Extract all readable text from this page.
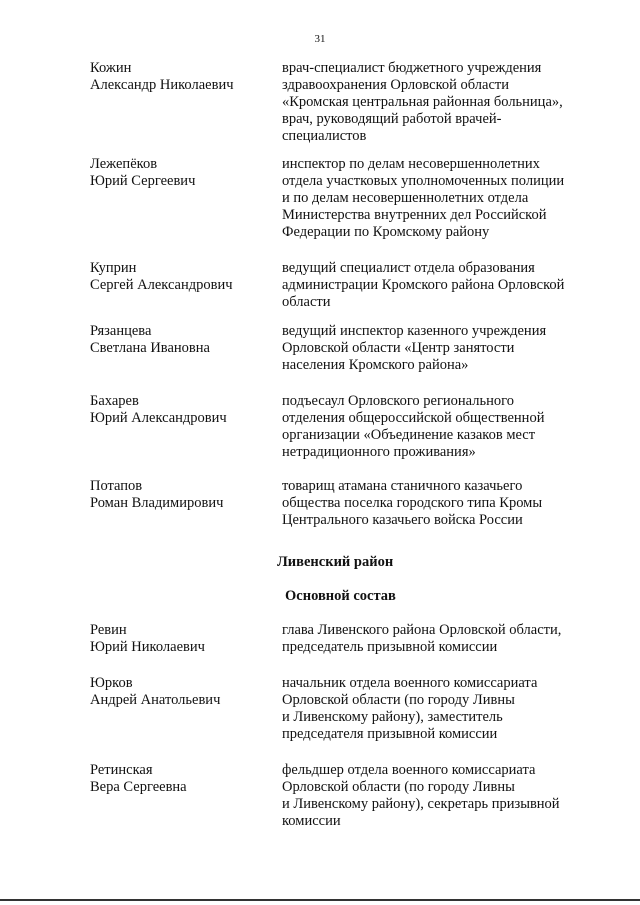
31
Кожин
Александр Николаевич
врач-специалист бюджетного учреждения
здравоохранения Орловской области
«Кромская центральная районная больница»,
врач, руководящий работой врачей-
специалистов
Лежепёков
Юрий Сергеевич
инспектор по делам несовершеннолетних
отдела участковых уполномоченных полиции
и по делам несовершеннолетних отдела
Министерства внутренних дел Российской
Федерации по Кромскому району
Куприн
Сергей Александрович
ведущий специалист отдела образования
администрации Кромского района Орловской
области
Рязанцева
Светлана Ивановна
ведущий инспектор казенного учреждения
Орловской области «Центр занятости
населения Кромского района»
Бахарев
Юрий Александрович
подъесаул Орловского регионального
отделения общероссийской общественной
организации «Объединение казаков мест
нетрадиционного проживания»
Потапов
Роман Владимирович
товарищ атамана станичного казачьего
общества поселка городского типа Кромы
Центрального казачьего войска России
Ливенский район
Основной состав
Ревин
Юрий Николаевич
глава Ливенского района Орловской области,
председатель призывной комиссии
Юрков
Андрей Анатольевич
начальник отдела военного комиссариата
Орловской области (по городу Ливны
и Ливенскому району), заместитель
председателя призывной комиссии
Ретинская
Вера Сергеевна
фельдшер отдела военного комиссариата
Орловской области (по городу Ливны
и Ливенскому району), секретарь призывной
комиссии
